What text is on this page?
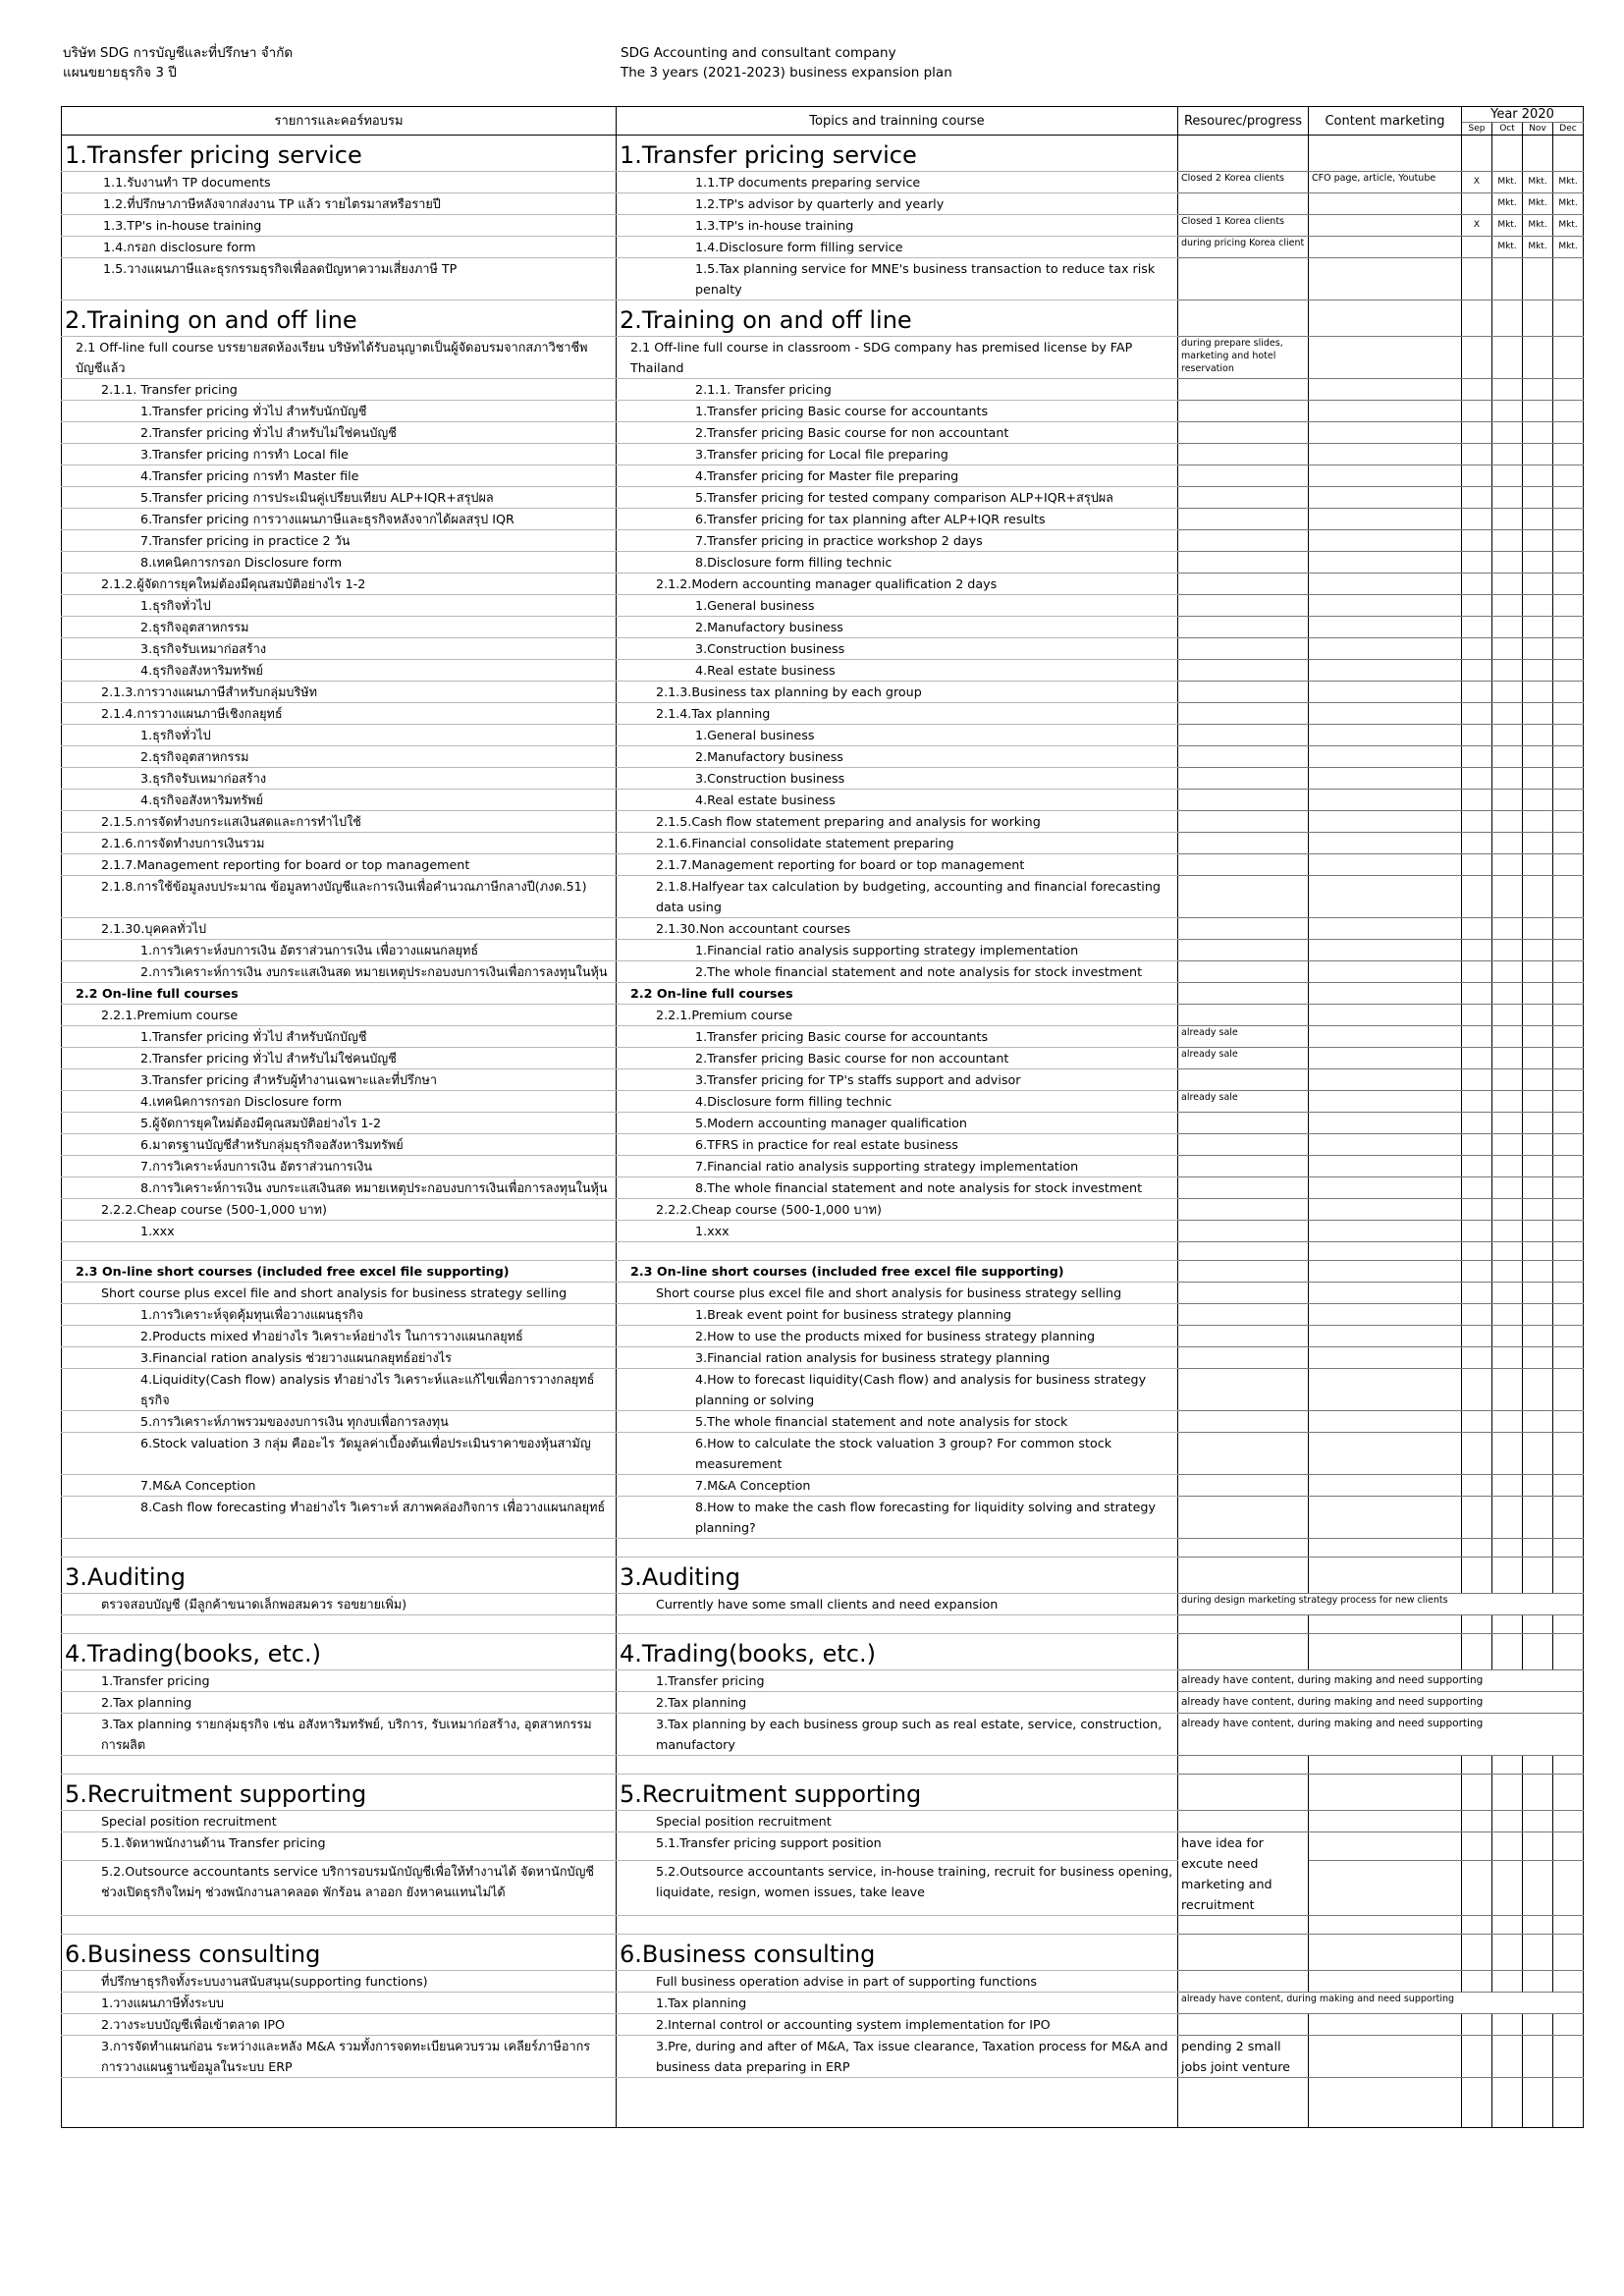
บริษัท SDG การบัญชีและที่ปรึกษา จำกัด
แผนขยายธุรกิจ 3 ปี
SDG Accounting and consultant company
The 3 years (2021-2023) business expansion plan
รายการและคอร์ทอบรม	Topics and trainning course	Resourec/progress	Content marketing	Year 2020			
				Sep	Oct	Nov	Dec
1.Transfer pricing service	1.Transfer pricing service						
1.1.รับงานทำ TP documents	1.1.TP documents preparing service	Closed 2 Korea clients	CFO page, article, Youtube	X	Mkt.	Mkt.	Mkt.
1.2.ที่ปรึกษาภาษีหลังจากส่งงาน TP แล้ว รายไตรมาสหรือรายปี	1.2.TP's advisor by quarterly and yearly				Mkt.	Mkt.	Mkt.
1.3.TP's in-house training	1.3.TP's in-house training	Closed 1 Korea clients		X	Mkt.	Mkt.	Mkt.
1.4.กรอก disclosure form	1.4.Disclosure form filling service	during pricing Korea client			Mkt.	Mkt.	Mkt.
1.5.วางแผนภาษีและธุรกรรมธุรกิจเพื่อลดปัญหาความเสี่ยงภาษี TP	1.5.Tax planning service for MNE's business transaction to reduce tax risk penalty						
2.Training on and off line	2.Training on and off line						
2.1 Off-line full course บรรยายสดห้องเรียน บริษัทได้รับอนุญาตเป็นผู้จัดอบรมจากสภาวิชาชีพบัญชีแล้ว	2.1 Off-line full course in classroom - SDG company has premised license by FAP Thailand	during prepare slides, marketing and hotel reservation					
2.1.1. Transfer pricing	2.1.1. Transfer pricing						
1.Transfer pricing ทั่วไป สำหรับนักบัญชี	1.Transfer pricing Basic course for accountants						
2.Transfer pricing ทั่วไป สำหรับไม่ใช่คนบัญชี	2.Transfer pricing Basic course for non accountant						
3.Transfer pricing การทำ Local file	3.Transfer pricing for Local file preparing						
4.Transfer pricing การทำ Master file	4.Transfer pricing for Master file preparing						
5.Transfer pricing การประเมินคู่เปรียบเทียบ ALP+IQR+สรุปผล	5.Transfer pricing for tested company comparison ALP+IQR+สรุปผล						
6.Transfer pricing การวางแผนภาษีและธุรกิจหลังจากได้ผลสรุป IQR	6.Transfer pricing for tax planning after ALP+IQR results						
7.Transfer pricing in practice 2 วัน	7.Transfer pricing in practice workshop 2 days						
8.เทคนิคการกรอก Disclosure form	8.Disclosure form filling technic						
2.1.2.ผู้จัดการยุคใหม่ต้องมีคุณสมบัติอย่างไร 1-2	2.1.2.Modern accounting manager qualification 2 days						
1.ธุรกิจทั่วไป	1.General business						
2.ธุรกิจอุตสาหกรรม	2.Manufactory business						
3.ธุรกิจรับเหมาก่อสร้าง	3.Construction business						
4.ธุรกิจอสังหาริมทรัพย์	4.Real estate business						
2.1.3.การวางแผนภาษีสำหรับกลุ่มบริษัท	2.1.3.Business tax planning by each group						
2.1.4.การวางแผนภาษีเชิงกลยุทธ์	2.1.4.Tax planning						
1.ธุรกิจทั่วไป	1.General business						
2.ธุรกิจอุตสาหกรรม	2.Manufactory business						
3.ธุรกิจรับเหมาก่อสร้าง	3.Construction business						
4.ธุรกิจอสังหาริมทรัพย์	4.Real estate business						
2.1.5.การจัดทำงบกระแสเงินสดและการทำไปใช้	2.1.5.Cash flow statement preparing and analysis for working						
2.1.6.การจัดทำงบการเงินรวม	2.1.6.Financial consolidate statement preparing						
2.1.7.Management reporting for board or top management	2.1.7.Management reporting for board or top management						
2.1.8.การใช้ข้อมูลงบประมาณ ข้อมูลทางบัญชีและการเงินเพื่อคำนวณภาษีกลางปี(ภงด.51)	2.1.8.Halfyear tax calculation by budgeting, accounting and financial forecasting data using						
2.1.30.บุคคลทั่วไป	2.1.30.Non accountant courses						
1.การวิเคราะห์งบการเงิน อัตราส่วนการเงิน เพื่อวางแผนกลยุทธ์	1.Financial ratio analysis supporting strategy implementation						
2.การวิเคราะห์การเงิน งบกระแสเงินสด หมายเหตุประกอบงบการเงินเพื่อการลงทุนในหุ้น	2.The whole financial statement and note analysis for stock investment						
2.2 On-line full courses	2.2 On-line full courses						
2.2.1.Premium course	2.2.1.Premium course						
1.Transfer pricing ทั่วไป สำหรับนักบัญชี	1.Transfer pricing Basic course for accountants	already sale					
2.Transfer pricing ทั่วไป สำหรับไม่ใช่คนบัญชี	2.Transfer pricing Basic course for non accountant	already sale					
3.Transfer pricing สำหรับผู้ทำงานเฉพาะและที่ปรึกษา	3.Transfer pricing for TP's staffs support and advisor						
4.เทคนิคการกรอก Disclosure form	4.Disclosure form filling technic	already sale					
5.ผู้จัดการยุคใหม่ต้องมีคุณสมบัติอย่างไร 1-2	5.Modern accounting manager qualification						
6.มาตรฐานบัญชีสำหรับกลุ่มธุรกิจอสังหาริมทรัพย์	6.TFRS in practice for real estate business						
7.การวิเคราะห์งบการเงิน อัตราส่วนการเงิน	7.Financial ratio analysis supporting strategy implementation						
8.การวิเคราะห์การเงิน งบกระแสเงินสด หมายเหตุประกอบงบการเงินเพื่อการลงทุนในหุ้น	8.The whole financial statement and note analysis for stock investment						
2.2.2.Cheap course (500-1,000 บาท)	2.2.2.Cheap course (500-1,000 บาท)						
1.xxx	1.xxx						

2.3 On-line short courses (included free excel file supporting)	2.3 On-line short courses (included free excel file supporting)						
Short course plus excel file and short analysis for business strategy selling	Short course plus excel file and short analysis for business strategy selling						
1.การวิเคราะห์จุดคุ้มทุนเพื่อวางแผนธุรกิจ	1.Break event point for business strategy planning						
2.Products mixed ทำอย่างไร วิเคราะห์อย่างไร ในการวางแผนกลยุทธ์	2.How to use the products mixed for business strategy planning						
3.Financial ration analysis ช่วยวางแผนกลยุทธ์อย่างไร	3.Financial ration analysis for business strategy planning						
4.Liquidity(Cash flow) analysis ทำอย่างไร วิเคราะห์และแก้ไขเพื่อการวางกลยุทธ์ธุรกิจ	4.How to forecast liquidity(Cash flow) and analysis for business strategy planning or solving						
5.การวิเคราะห์ภาพรวมของงบการเงิน ทุกงบเพื่อการลงทุน	5.The whole financial statement and note analysis for stock						
6.Stock valuation 3 กลุ่ม คืออะไร วัดมูลค่าเบื้องต้นเพื่อประเมินราคาของหุ้นสามัญ	6.How to calculate the stock valuation 3 group? For common stock measurement						
7.M&A Conception	7.M&A Conception						
8.Cash flow forecasting ทำอย่างไร วิเคราะห์ สภาพคล่องกิจการ เพื่อวางแผนกลยุทธ์	8.How to make the cash flow forecasting for liquidity solving and strategy planning?						

3.Auditing	3.Auditing						
ตรวจสอบบัญชี (มีลูกค้าขนาดเล็กพอสมควร รอขยายเพิ่ม)	Currently have some small clients and need expansion	during design marketing strategy process for new clients					

4.Trading(books, etc.)	4.Trading(books, etc.)						
1.Transfer pricing	1.Transfer pricing	already have content, during making and need supporting					
2.Tax planning	2.Tax planning	already have content, during making and need supporting					
3.Tax planning รายกลุ่มธุรกิจ เช่น อสังหาริมทรัพย์, บริการ, รับเหมาก่อสร้าง, อุตสาหกรรมการผลิต	3.Tax planning by each business group such as real estate, service, construction, manufactory	already have content, during making and need supporting					

5.Recruitment supporting	5.Recruitment supporting						
Special position recruitment	Special position recruitment						
5.1.จัดหาพนักงานด้าน Transfer pricing	5.1.Transfer pricing support position	have idea for excute need marketing and recruitment					
5.2.Outsource accountants service บริการอบรมนักบัญชีเพื่อให้ทำงานได้ จัดหานักบัญชีช่วงเปิดธุรกิจใหม่ๆ ช่วงพนักงานลาคลอด พักร้อน ลาออก ยังหาคนแทนไม่ได้	5.2.Outsource accountants service, in-house training, recruit for business opening, liquidate, resign, women issues, take leave						

6.Business consulting	6.Business consulting						
ที่ปรึกษาธุรกิจทั้งระบบงานสนับสนุน(supporting functions)	Full business operation advise in part of supporting functions						
1.วางแผนภาษีทั้งระบบ	1.Tax planning	already have content, during making and need supporting					
2.วางระบบบัญชีเพื่อเข้าตลาด IPO	2.Internal control or accounting system implementation for IPO						
3.การจัดทำแผนก่อน ระหว่างและหลัง M&A รวมทั้งการจดทะเบียนควบรวม เคลียร์ภาษีอากร การวางแผนฐานข้อมูลในระบบ ERP	3.Pre, during and after of M&A, Tax issue clearance, Taxation process for M&A and business data preparing in ERP	pending 2 small jobs joint venture					
